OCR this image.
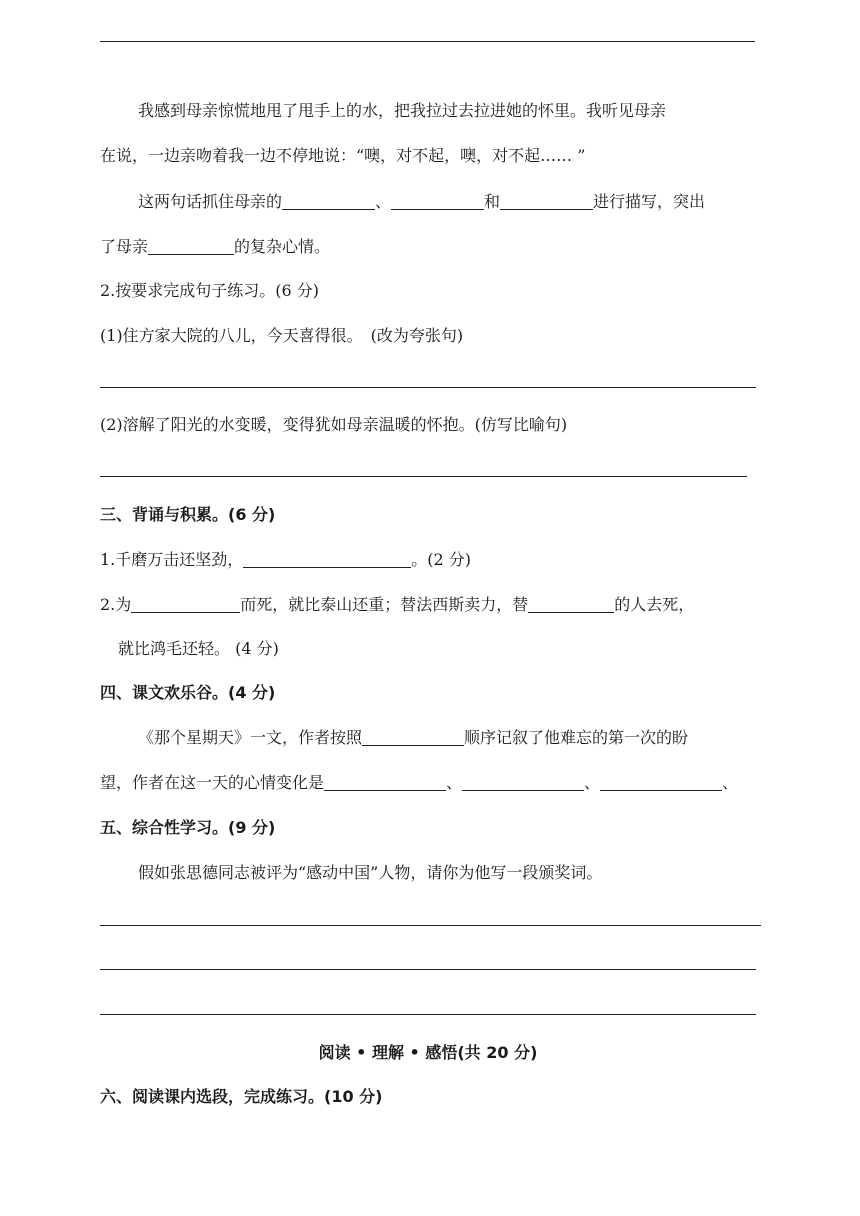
我感到母亲惊慌地甩了甩手上的水，把我拉过去拉进她的怀里。我听见母亲
在说，一边亲吻着我一边不停地说：“噢，对不起，噢，对不起…… ”
这两句话抓住母亲的	、	和	进行描写，突出
了母亲	的复杂心情。
2.按要求完成句子练习。(6 分)
(1)住方家大院的八儿，今天喜得很。　(改为夸张句)
(2)溶解了阳光的水变暖，变得犹如母亲温暖的怀抱。(仿写比喻句)
三、背诵与积累。(6 分)
1.千磨万击还坚劲，	。(2 分)
2.为	而死，就比泰山还重；替法西斯卖力，替	的人去死，
就比鸿毛还轻。 (4 分)
四、课文欢乐谷。(4 分)
《那个星期天》一文，作者按照	顺序记叙了他难忘的第一次的盼
望，作者在这一天的心情变化是	、	、	、
五、综合性学习。(9 分)
假如张思德同志被评为“感动中国”人物，请你为他写一段颁奖词。
阅读 • 理解 • 感悟(共 20 分)
六、阅读课内选段，完成练习。(10 分)
